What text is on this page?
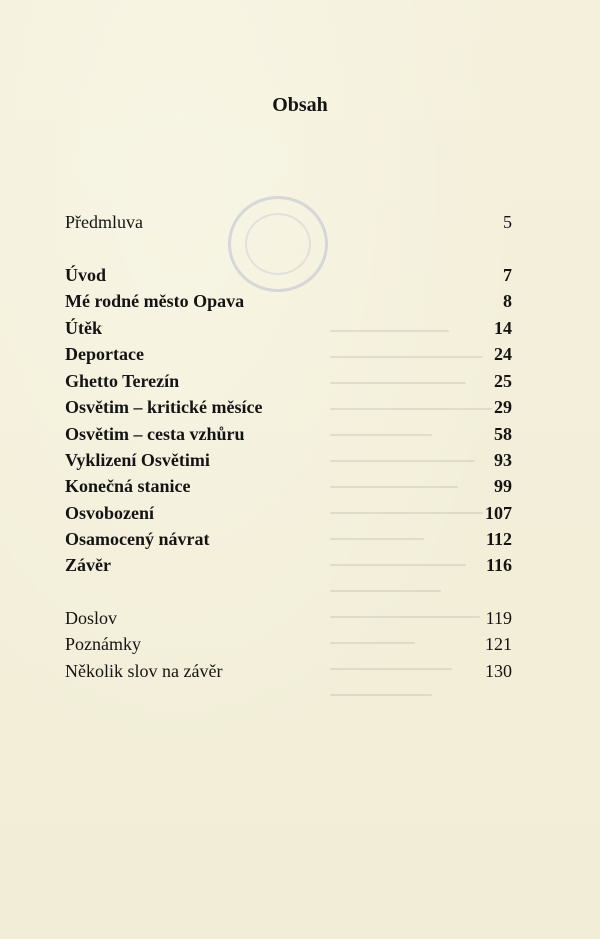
Obsah
Předmluva	5
Úvod	7
Mé rodné město Opava	8
Útěk	14
Deportace	24
Ghetto Terezín	25
Osvětim – kritické měsíce	29
Osvětim – cesta vzhůru	58
Vyklizení Osvětimi	93
Konečná stanice	99
Osvobození	107
Osamocený návrat	112
Závěr	116
Doslov	119
Poznámky	121
Několik slov na závěr	130
